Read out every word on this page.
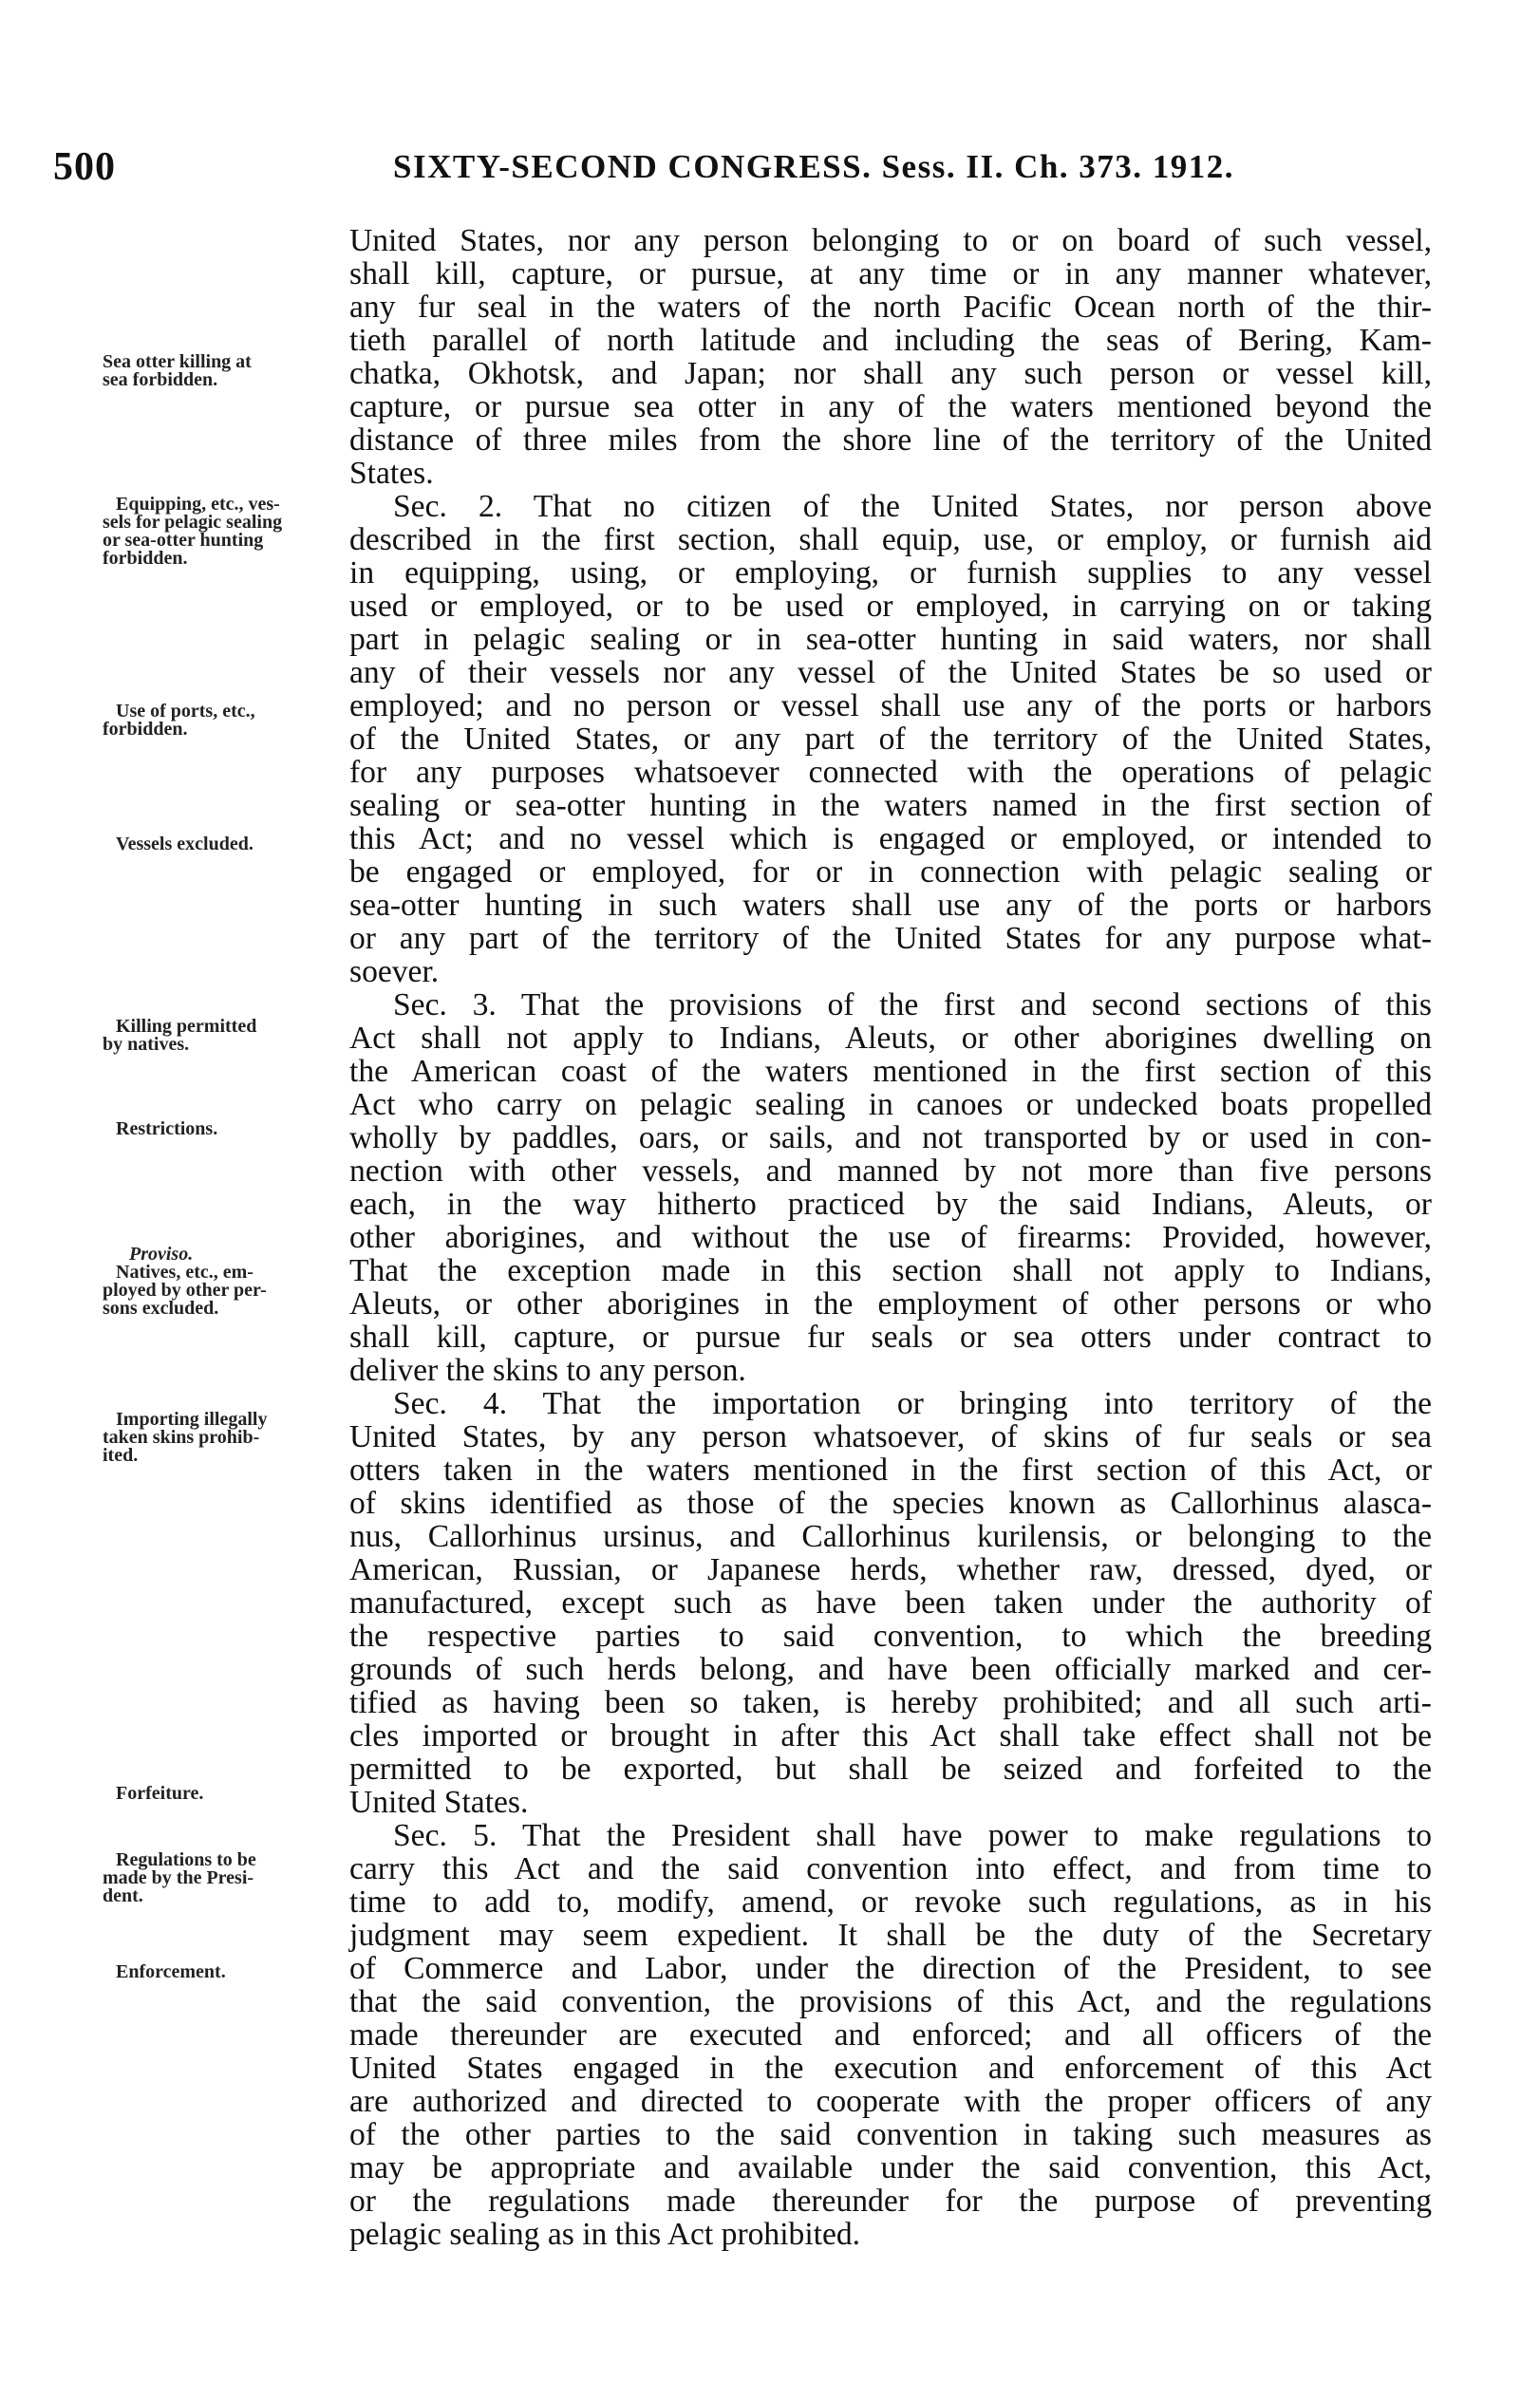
500	SIXTY-SECOND CONGRESS. Sess. II. Ch. 373. 1912.
Sea otter killing at
sea forbidden.
Equipping, etc., ves-
sels for pelagic sealing
or sea-otter hunting
forbidden.
Use of ports, etc.,
forbidden.
Vessels excluded.
Killing permitted
by natives.
Restrictions.
Proviso.
Natives, etc., em-
ployed by other per-
sons excluded.
Importing illegally
taken skins prohib-
ited.
Forfeiture.
Regulations to be
made by the Presi-
dent.
Enforcement.
United States, nor any person belonging to or on board of such vessel,
shall kill, capture, or pursue, at any time or in any manner whatever,
any fur seal in the waters of the north Pacific Ocean north of the thir-
tieth parallel of north latitude and including the seas of Bering, Kam-
chatka, Okhotsk, and Japan; nor shall any such person or vessel kill,
capture, or pursue sea otter in any of the waters mentioned beyond the
distance of three miles from the shore line of the territory of the United
States.
Sec. 2. That no citizen of the United States, nor person above
described in the first section, shall equip, use, or employ, or furnish aid
in equipping, using, or employing, or furnish supplies to any vessel
used or employed, or to be used or employed, in carrying on or taking
part in pelagic sealing or in sea-otter hunting in said waters, nor shall
any of their vessels nor any vessel of the United States be so used or
employed; and no person or vessel shall use any of the ports or harbors
of the United States, or any part of the territory of the United States,
for any purposes whatsoever connected with the operations of pelagic
sealing or sea-otter hunting in the waters named in the first section of
this Act; and no vessel which is engaged or employed, or intended to
be engaged or employed, for or in connection with pelagic sealing or
sea-otter hunting in such waters shall use any of the ports or harbors
or any part of the territory of the United States for any purpose what-
soever.
Sec. 3. That the provisions of the first and second sections of this
Act shall not apply to Indians, Aleuts, or other aborigines dwelling on
the American coast of the waters mentioned in the first section of this
Act who carry on pelagic sealing in canoes or undecked boats propelled
wholly by paddles, oars, or sails, and not transported by or used in con-
nection with other vessels, and manned by not more than five persons
each, in the way hitherto practiced by the said Indians, Aleuts, or
other aborigines, and without the use of firearms: Provided, however,
That the exception made in this section shall not apply to Indians,
Aleuts, or other aborigines in the employment of other persons or who
shall kill, capture, or pursue fur seals or sea otters under contract to
deliver the skins to any person.
Sec. 4. That the importation or bringing into territory of the
United States, by any person whatsoever, of skins of fur seals or sea
otters taken in the waters mentioned in the first section of this Act, or
of skins identified as those of the species known as Callorhinus alasca-
nus, Callorhinus ursinus, and Callorhinus kurilensis, or belonging to the
American, Russian, or Japanese herds, whether raw, dressed, dyed, or
manufactured, except such as have been taken under the authority of
the respective parties to said convention, to which the breeding
grounds of such herds belong, and have been officially marked and cer-
tified as having been so taken, is hereby prohibited; and all such arti-
cles imported or brought in after this Act shall take effect shall not be
permitted to be exported, but shall be seized and forfeited to the
United States.
Sec. 5. That the President shall have power to make regulations to
carry this Act and the said convention into effect, and from time to
time to add to, modify, amend, or revoke such regulations, as in his
judgment may seem expedient. It shall be the duty of the Secretary
of Commerce and Labor, under the direction of the President, to see
that the said convention, the provisions of this Act, and the regulations
made thereunder are executed and enforced; and all officers of the
United States engaged in the execution and enforcement of this Act
are authorized and directed to cooperate with the proper officers of any
of the other parties to the said convention in taking such measures as
may be appropriate and available under the said convention, this Act,
or the regulations made thereunder for the purpose of preventing
pelagic sealing as in this Act prohibited.
